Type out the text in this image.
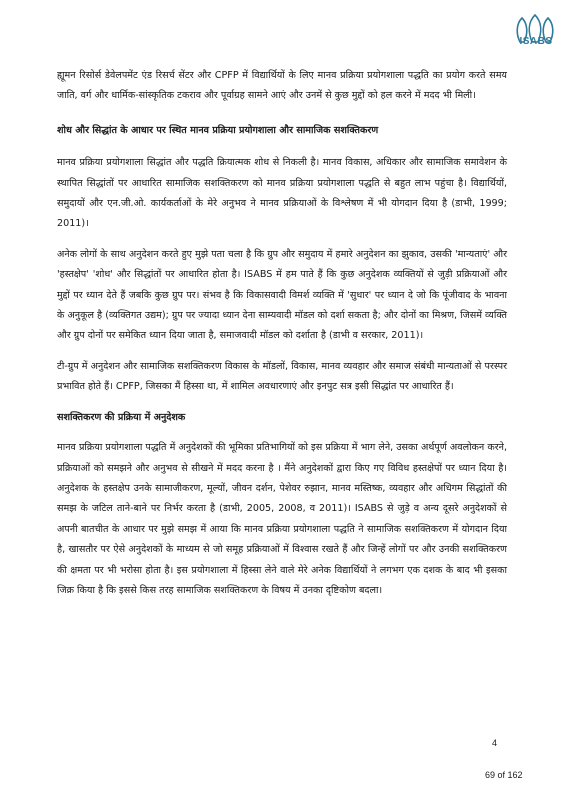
ISABS

ह्यूमन रिसोर्स डेवेलपमेंट एंड रिसर्च सेंटर और CPFP में विद्यार्थियों के लिए मानव प्रक्रिया प्रयोगशाला पद्धति का प्रयोग करते समय जाति, वर्ग और धार्मिक-सांस्कृतिक टकराव और पूर्वाग्रह सामने आएं और उनमें से कुछ मुद्दों को हल करने में मदद भी मिली।

शोध और सिद्धांत के आधार पर स्थित मानव प्रक्रिया प्रयोगशाला और सामाजिक सशक्तिकरण

मानव प्रक्रिया प्रयोगशाला सिद्धांत और पद्धति क्रियात्मक शोध से निकली है। मानव विकास, अधिकार और सामाजिक समावेशन के स्थापित सिद्धांतों पर आधारित सामाजिक सशक्तिकरण को मानव प्रक्रिया प्रयोगशाला पद्धति से बहुत लाभ पहुंचा है। विद्यार्थियों, समुदायों और एन.जी.ओ. कार्यकर्ताओं के मेरे अनुभव ने मानव प्रक्रियाओं के विश्लेषण में भी योगदान दिया है (डाभी, 1999; 2011)।

अनेक लोगों के साथ अनुदेशन करते हुए मुझे पता चला है कि ग्रुप और समुदाय में हमारे अनुदेशन का झुकाव, उसकी 'मान्यताएं' और 'हस्तक्षेप' 'शोध' और सिद्धांतों पर आधारित होता है। ISABS में हम पाते हैं कि कुछ अनुदेशक व्यक्तियों से जुड़ी प्रक्रियाओं और मुद्दों पर ध्यान देते हैं जबकि कुछ ग्रुप पर। संभव है कि विकासवादी विमर्श व्यक्ति में 'सुधार' पर ध्यान दे जो कि पूंजीवाद के भावना के अनुकूल है (व्यक्तिगत उद्यम); ग्रुप पर ज्यादा ध्यान देना साम्यवादी मॉडल को दर्शा सकता है; और दोनों का मिश्रण, जिसमें व्यक्ति और ग्रुप दोनों पर समेकित ध्यान दिया जाता है, समाजवादी मॉडल को दर्शाता है (डाभी व सरकार, 2011)।

टी-ग्रुप में अनुदेशन और सामाजिक सशक्तिकरण विकास के मॉडलों, विकास, मानव व्यवहार और समाज संबंधी मान्यताओं से परस्पर प्रभावित होते हैं। CPFP, जिसका मैं हिस्सा था, में शामिल अवधारणाएं और इनपुट सत्र इसी सिद्धांत पर आधारित हैं।

सशक्तिकरण की प्रक्रिया में अनुदेशक

मानव प्रक्रिया प्रयोगशाला पद्धति में अनुदेशकों की भूमिका प्रतिभागियों को इस प्रक्रिया में भाग लेने, उसका अर्थपूर्ण अवलोकन करने, प्रक्रियाओं को समझने और अनुभव से सीखने में मदद करना है । मैंने अनुदेशकों द्वारा किए गए विविध हस्तक्षेपों पर ध्यान दिया है। अनुदेशक के हस्तक्षेप उनके सामाजीकरण, मूल्यों, जीवन दर्शन, पेशेवर रुझान, मानव मस्तिष्क, व्यवहार और अधिगम सिद्धांतों की समझ के जटिल ताने-बाने पर निर्भर करता है (डाभी, 2005, 2008, व 2011)। ISABS से जुड़े व अन्य दूसरे अनुदेशकों से अपनी बातचीत के आधार पर मुझे समझ में आया कि मानव प्रक्रिया प्रयोगशाला पद्धति ने सामाजिक सशक्तिकरण में योगदान दिया है, खासतौर पर ऐसे अनुदेशकों के माध्यम से जो समूह प्रक्रियाओं में विश्वास रखते हैं और जिन्हें लोगों पर और उनकी सशक्तिकरण की क्षमता पर भी भरोसा होता है। इस प्रयोगशाला में हिस्सा लेने वाले मेरे अनेक विद्यार्थियों ने लगभग एक दशक के बाद भी इसका जिक्र किया है कि इससे किस तरह सामाजिक सशक्तिकरण के विषय में उनका दृष्टिकोण बदला।

4
69 of 162
